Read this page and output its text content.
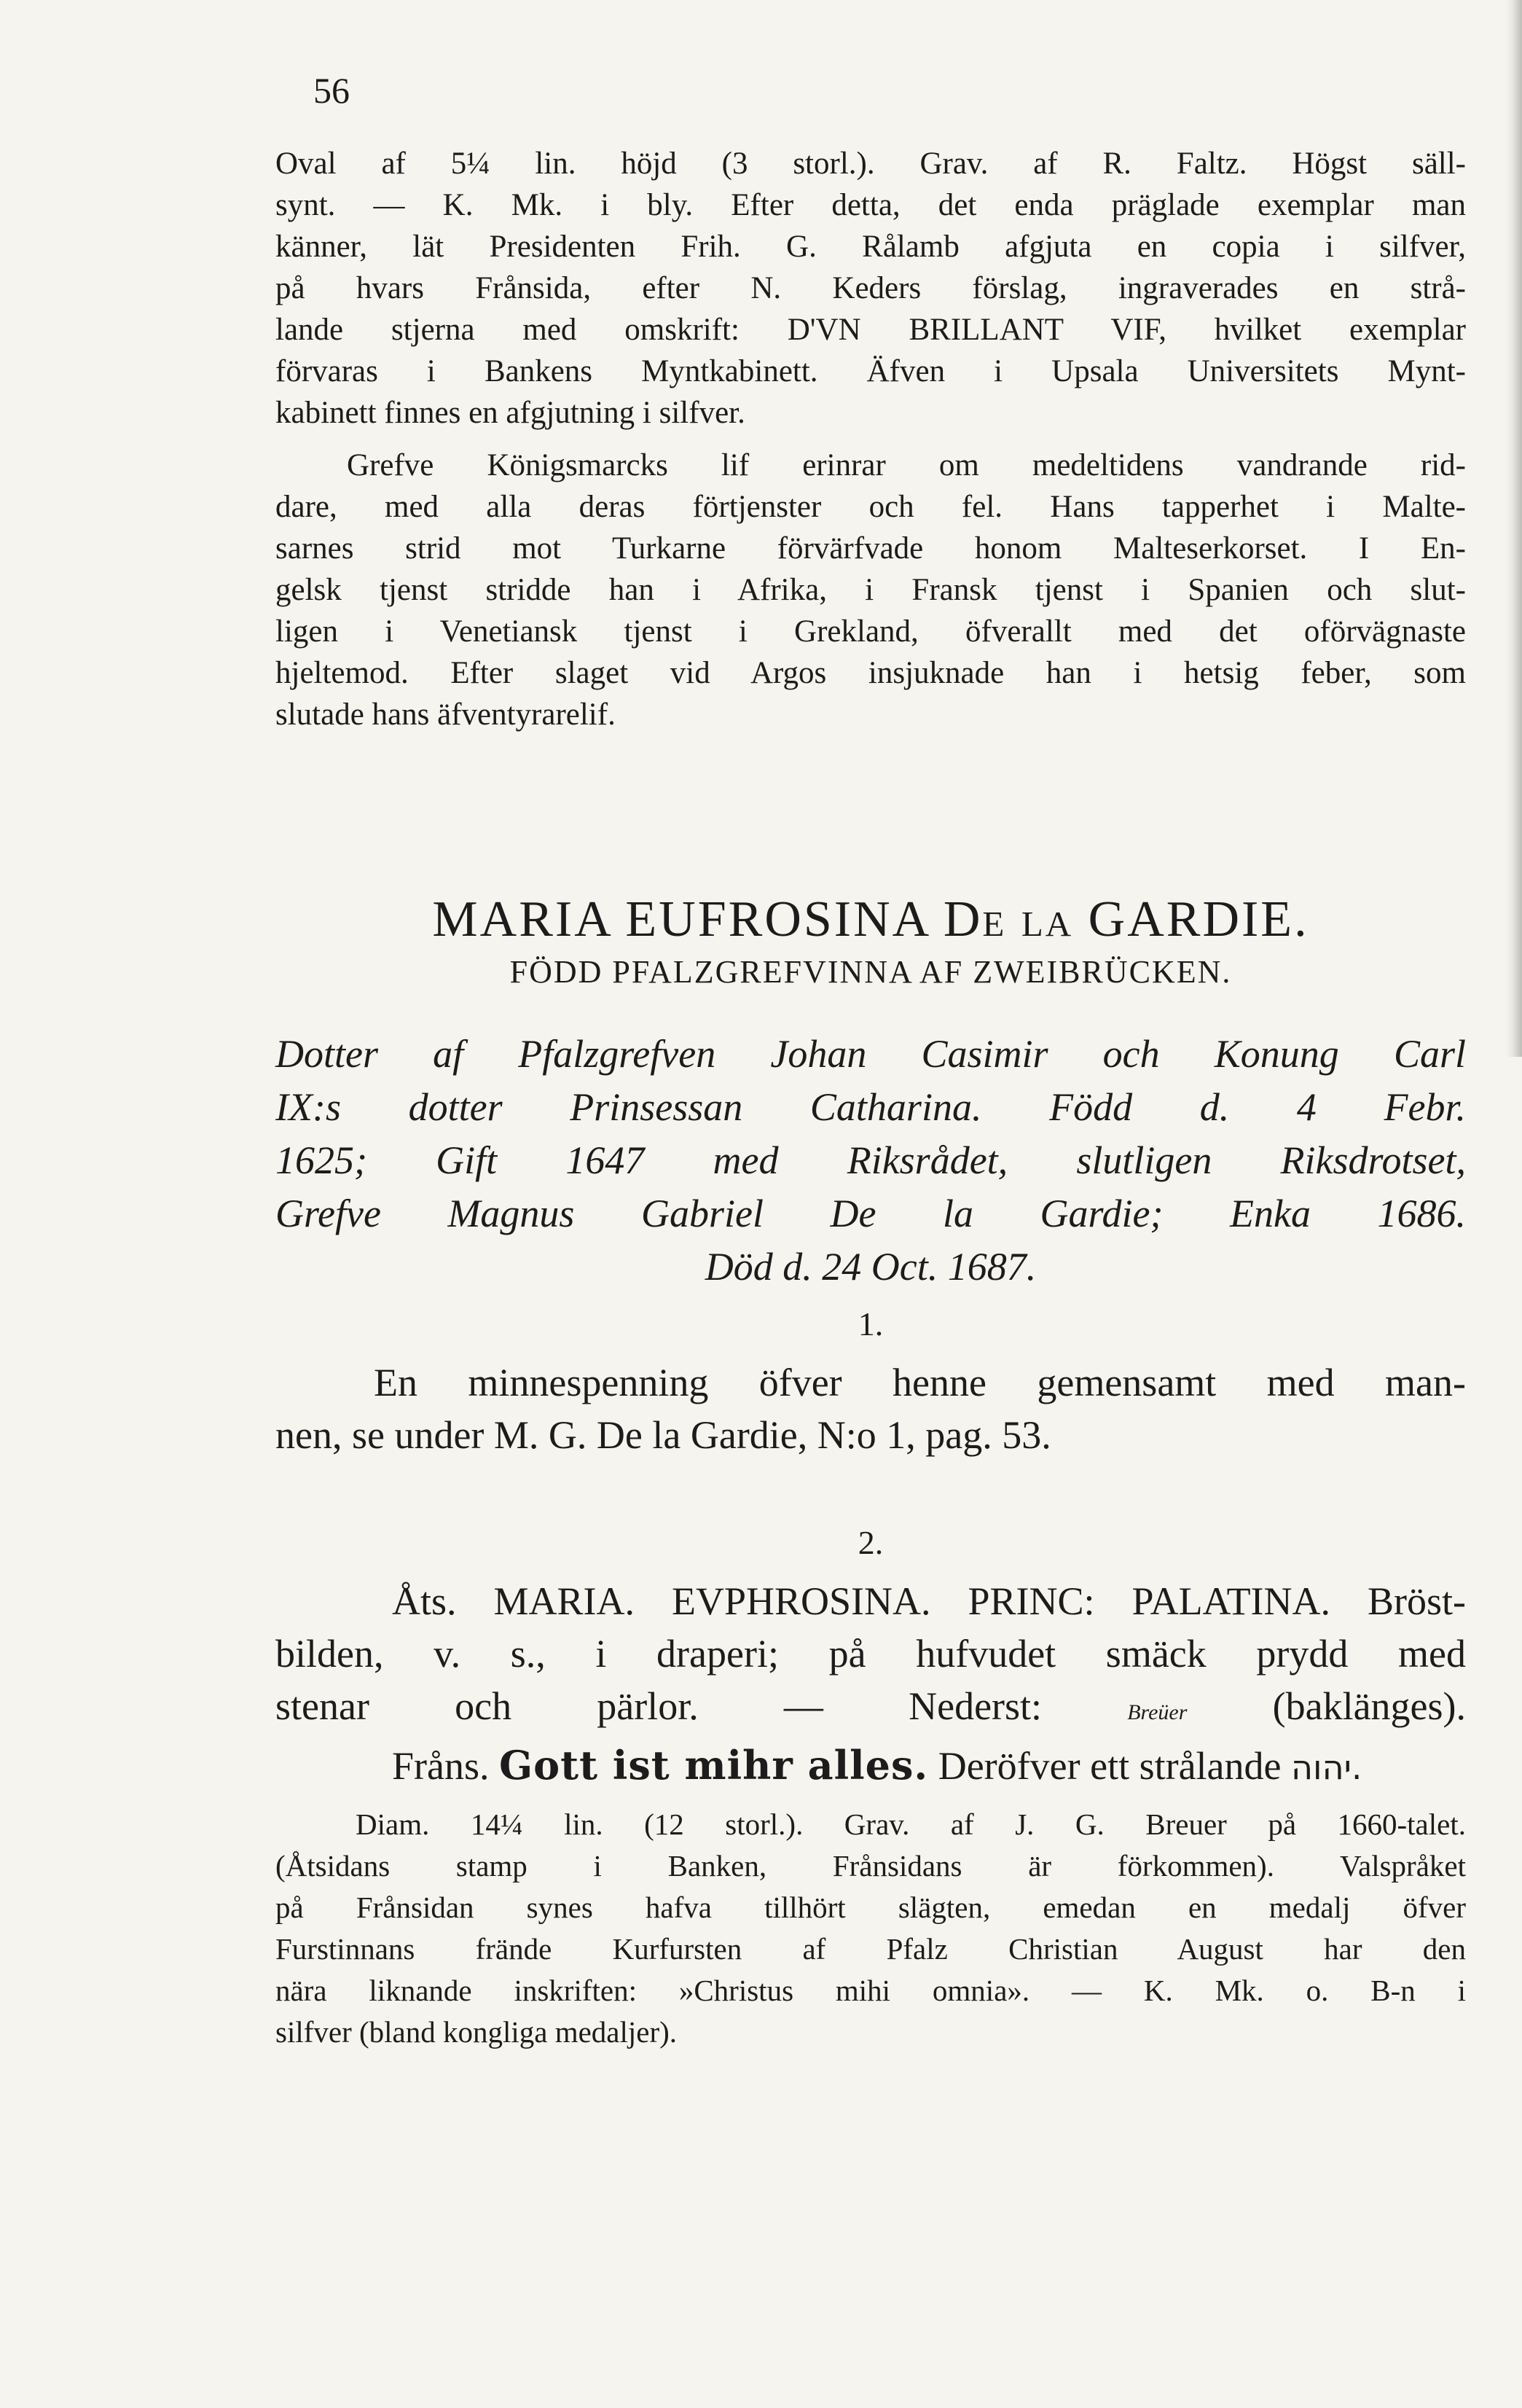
56

Oval af 5¼ lin. höjd (3 storl.). Grav. af R. Faltz. Högst säll-
synt. — K. Mk. i bly. Efter detta, det enda präglade exemplar man
känner, lät Presidenten Frih. G. Rålamb afgjuta en copia i silfver,
på hvars Frånsida, efter N. Keders förslag, ingraverades en strå-
lande stjerna med omskrift: D'VN BRILLANT VIF, hvilket exemplar
förvaras i Bankens Myntkabinett. Äfven i Upsala Universitets Mynt-
kabinett finnes en afgjutning i silfver.

Grefve Königsmarcks lif erinrar om medeltidens vandrande rid-
dare, med alla deras förtjenster och fel. Hans tapperhet i Malte-
sarnes strid mot Turkarne förvärfvade honom Malteserkorset. I En-
gelsk tjenst stridde han i Afrika, i Fransk tjenst i Spanien och slut-
ligen i Venetiansk tjenst i Grekland, öfverallt med det oförvägnaste
hjeltemod. Efter slaget vid Argos insjuknade han i hetsig feber, som
slutade hans äfventyrarelif.

MARIA EUFROSINA De la GARDIE.
FÖDD PFALZGREFVINNA AF ZWEIBRÜCKEN.
Dotter af Pfalzgrefven Johan Casimir och Konung Carl
IX:s dotter Prinsessan Catharina. Född d. 4 Febr.
1625; Gift 1647 med Riksrådet, slutligen Riksdrotset,
Grefve Magnus Gabriel De la Gardie; Enka 1686.
Död d. 24 Oct. 1687.
1.
En minnespenning öfver henne gemensamt med man-
nen, se under M. G. De la Gardie, N:o 1, pag. 53.
2.
Åts. MARIA. EVPHROSINA. PRINC: PALATINA. Bröst-
bilden, v. s., i draperi; på hufvudet smäck prydd med
stenar och pärlor. — Nederst: Breüer (baklänges).
Fråns. Gott ist mihr alles. Deröfver ett strålande יהוה.
Diam. 14¼ lin. (12 storl.). Grav. af J. G. Breuer på 1660-talet.
(Åtsidans stamp i Banken, Frånsidans är förkommen). Valspråket
på Frånsidan synes hafva tillhört slägten, emedan en medalj öfver
Furstinnans frände Kurfursten af Pfalz Christian August har den
nära liknande inskriften: »Christus mihi omnia». — K. Mk. o. B-n i
silfver (bland kongliga medaljer).
